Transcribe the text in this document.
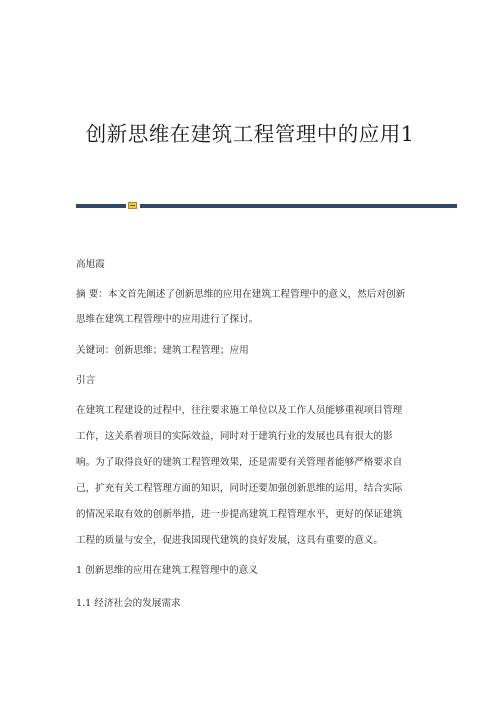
创新思维在建筑工程管理中的应用1
高旭霞
摘 要：本文首先阐述了创新思维的应用在建筑工程管理中的意义，然后对创新
思维在建筑工程管理中的应用进行了探讨。
关键词：创新思维；建筑工程管理；应用
引言
在建筑工程建设的过程中，往往要求施工单位以及工作人员能够重视项目管理
工作，这关系着项目的实际效益，同时对于建筑行业的发展也具有很大的影
响。为了取得良好的建筑工程管理效果，还是需要有关管理者能够严格要求自
己，扩充有关工程管理方面的知识，同时还要加强创新思维的运用，结合实际
的情况采取有效的创新举措，进一步提高建筑工程管理水平，更好的保证建筑
工程的质量与安全，促进我国现代建筑的良好发展，这具有重要的意义。
1 创新思维的应用在建筑工程管理中的意义
1.1 经济社会的发展需求
